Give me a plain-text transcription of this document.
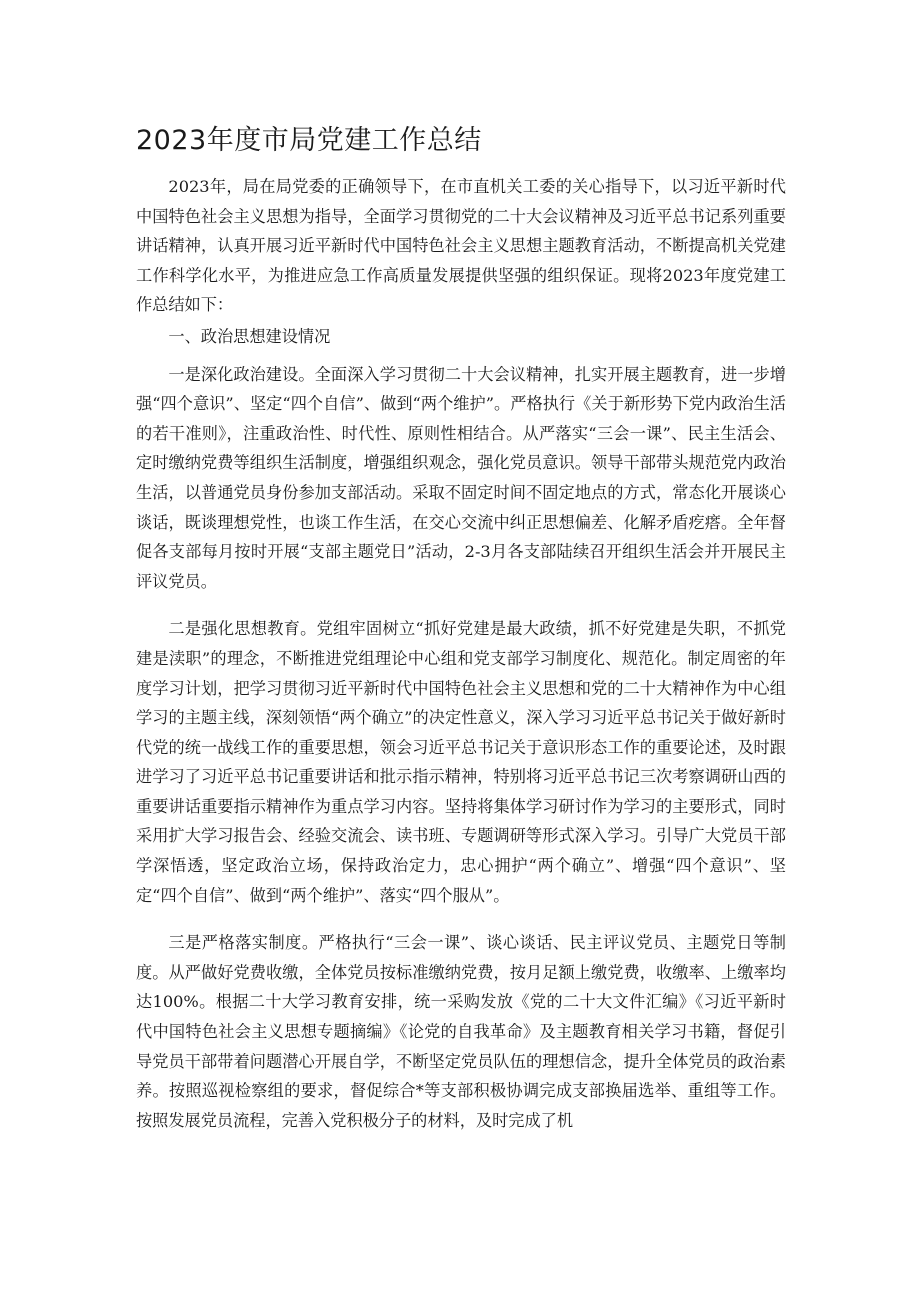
2023年度市局党建工作总结

2023年，局在局党委的正确领导下，在市直机关工委的关心指导下，以习近平新时代中国特色社会主义思想为指导，全面学习贯彻党的二十大会议精神及习近平总书记系列重要讲话精神，认真开展习近平新时代中国特色社会主义思想主题教育活动，不断提高机关党建工作科学化水平，为推进应急工作高质量发展提供坚强的组织保证。现将2023年度党建工作总结如下：

一、政治思想建设情况

一是深化政治建设。全面深入学习贯彻二十大会议精神，扎实开展主题教育，进一步增强“四个意识”、坚定“四个自信”、做到“两个维护”。严格执行《关于新形势下党内政治生活的若干准则》，注重政治性、时代性、原则性相结合。从严落实“三会一课”、民主生活会、定时缴纳党费等组织生活制度，增强组织观念，强化党员意识。领导干部带头规范党内政治生活，以普通党员身份参加支部活动。采取不固定时间不固定地点的方式，常态化开展谈心谈话，既谈理想党性，也谈工作生活，在交心交流中纠正思想偏差、化解矛盾疙瘩。全年督促各支部每月按时开展“支部主题党日”活动，2-3月各支部陆续召开组织生活会并开展民主评议党员。

二是强化思想教育。党组牢固树立“抓好党建是最大政绩，抓不好党建是失职，不抓党建是渎职”的理念，不断推进党组理论中心组和党支部学习制度化、规范化。制定周密的年度学习计划，把学习贯彻习近平新时代中国特色社会主义思想和党的二十大精神作为中心组学习的主题主线，深刻领悟“两个确立”的决定性意义，深入学习习近平总书记关于做好新时代党的统一战线工作的重要思想，领会习近平总书记关于意识形态工作的重要论述，及时跟进学习了习近平总书记重要讲话和批示指示精神，特别将习近平总书记三次考察调研山西的重要讲话重要指示精神作为重点学习内容。坚持将集体学习研讨作为学习的主要形式，同时采用扩大学习报告会、经验交流会、读书班、专题调研等形式深入学习。引导广大党员干部学深悟透，坚定政治立场，保持政治定力，忠心拥护“两个确立”、增强“四个意识”、坚定“四个自信”、做到“两个维护”、落实“四个服从”。

三是严格落实制度。严格执行“三会一课”、谈心谈话、民主评议党员、主题党日等制度。从严做好党费收缴，全体党员按标准缴纳党费，按月足额上缴党费，收缴率、上缴率均达100%。根据二十大学习教育安排，统一采购发放《党的二十大文件汇编》《习近平新时代中国特色社会主义思想专题摘编》《论党的自我革命》及主题教育相关学习书籍，督促引导党员干部带着问题潜心开展自学，不断坚定党员队伍的理想信念，提升全体党员的政治素养。按照巡视检察组的要求，督促综合*等支部积极协调完成支部换届选举、重组等工作。按照发展党员流程，完善入党积极分子的材料，及时完成了机
